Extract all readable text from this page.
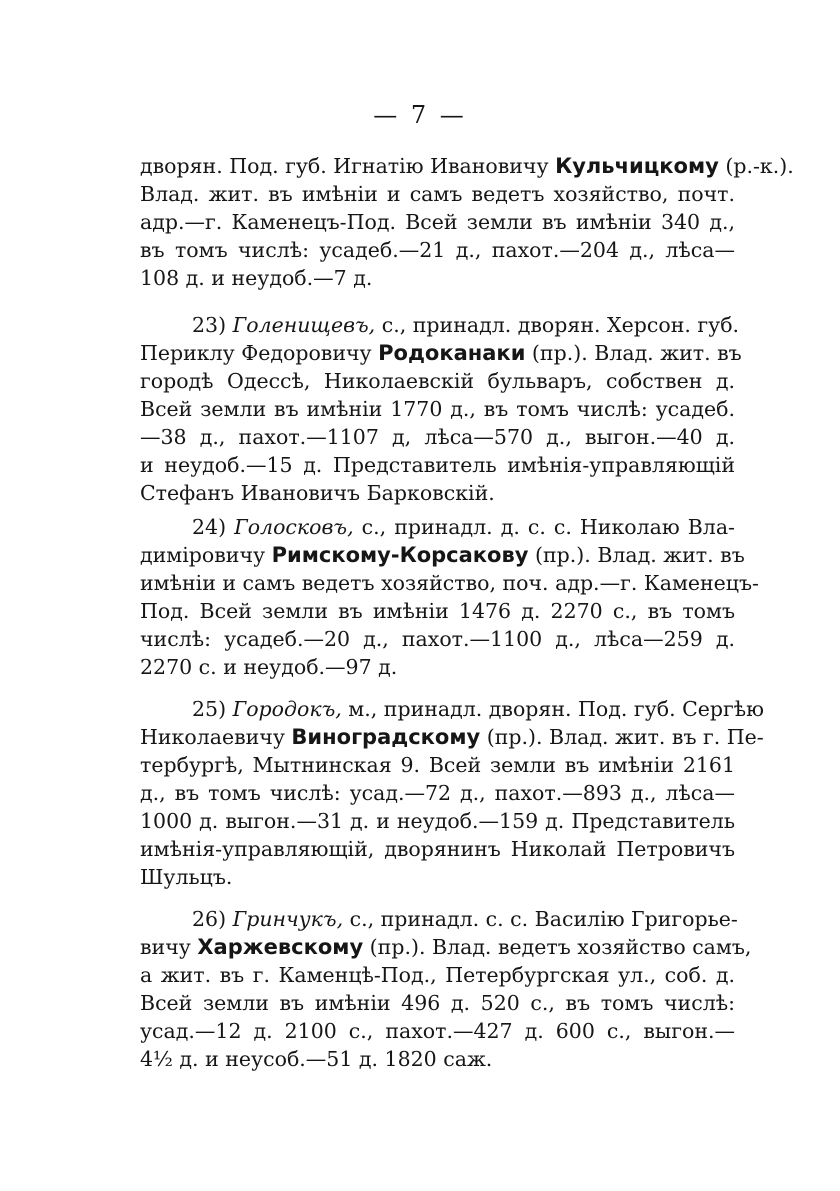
— 7 —
дворян. Под. губ. Игнатію Ивановичу Кульчицкому (р.-к.).
Влад. жит. въ имѣніи и самъ ведетъ хозяйство, почт.
адр.—г. Каменецъ-Под. Всей земли въ имѣніи 340 д.,
въ томъ числѣ: усадеб.—21 д., пахот.—204 д., лѣса—
108 д. и неудоб.—7 д.
23) Голенищевъ, с., принадл. дворян. Херсон. губ.
Периклу Федоровичу Родоканаки (пр.). Влад. жит. въ
городѣ Одессѣ, Николаевскій бульваръ, собствен д.
Всей земли въ имѣніи 1770 д., въ томъ числѣ: усадеб.
—38 д., пахот.—1107 д, лѣса—570 д., выгон.—40 д.
и неудоб.—15 д. Представитель имѣнія-управляющій
Стефанъ Ивановичъ Барковскій.
24) Голосковъ, с., принадл. д. с. с. Николаю Вла-
диміровичу Римскому-Корсакову (пр.). Влад. жит. въ
имѣніи и самъ ведетъ хозяйство, поч. адр.—г. Каменецъ-
Под. Всей земли въ имѣніи 1476 д. 2270 с., въ томъ
числѣ: усадеб.—20 д., пахот.—1100 д., лѣса—259 д.
2270 с. и неудоб.—97 д.
25) Городокъ, м., принадл. дворян. Под. губ. Сергѣю
Николаевичу Виноградскому (пр.). Влад. жит. въ г. Пе-
тербургѣ, Мытнинская 9. Всей земли въ имѣніи 2161
д., въ томъ числѣ: усад.—72 д., пахот.—893 д., лѣса—
1000 д. выгон.—31 д. и неудоб.—159 д. Представитель
имѣнія-управляющій, дворянинъ Николай Петровичъ
Шульцъ.
26) Гринчукъ, с., принадл. с. с. Василію Григорье-
вичу Харжевскому (пр.). Влад. ведетъ хозяйство самъ,
а жит. въ г. Каменцѣ-Под., Петербургская ул., соб. д.
Всей земли въ имѣніи 496 д. 520 с., въ томъ числѣ:
усад.—12 д. 2100 с., пахот.—427 д. 600 с., выгон.—
4½ д. и неусоб.—51 д. 1820 саж.
